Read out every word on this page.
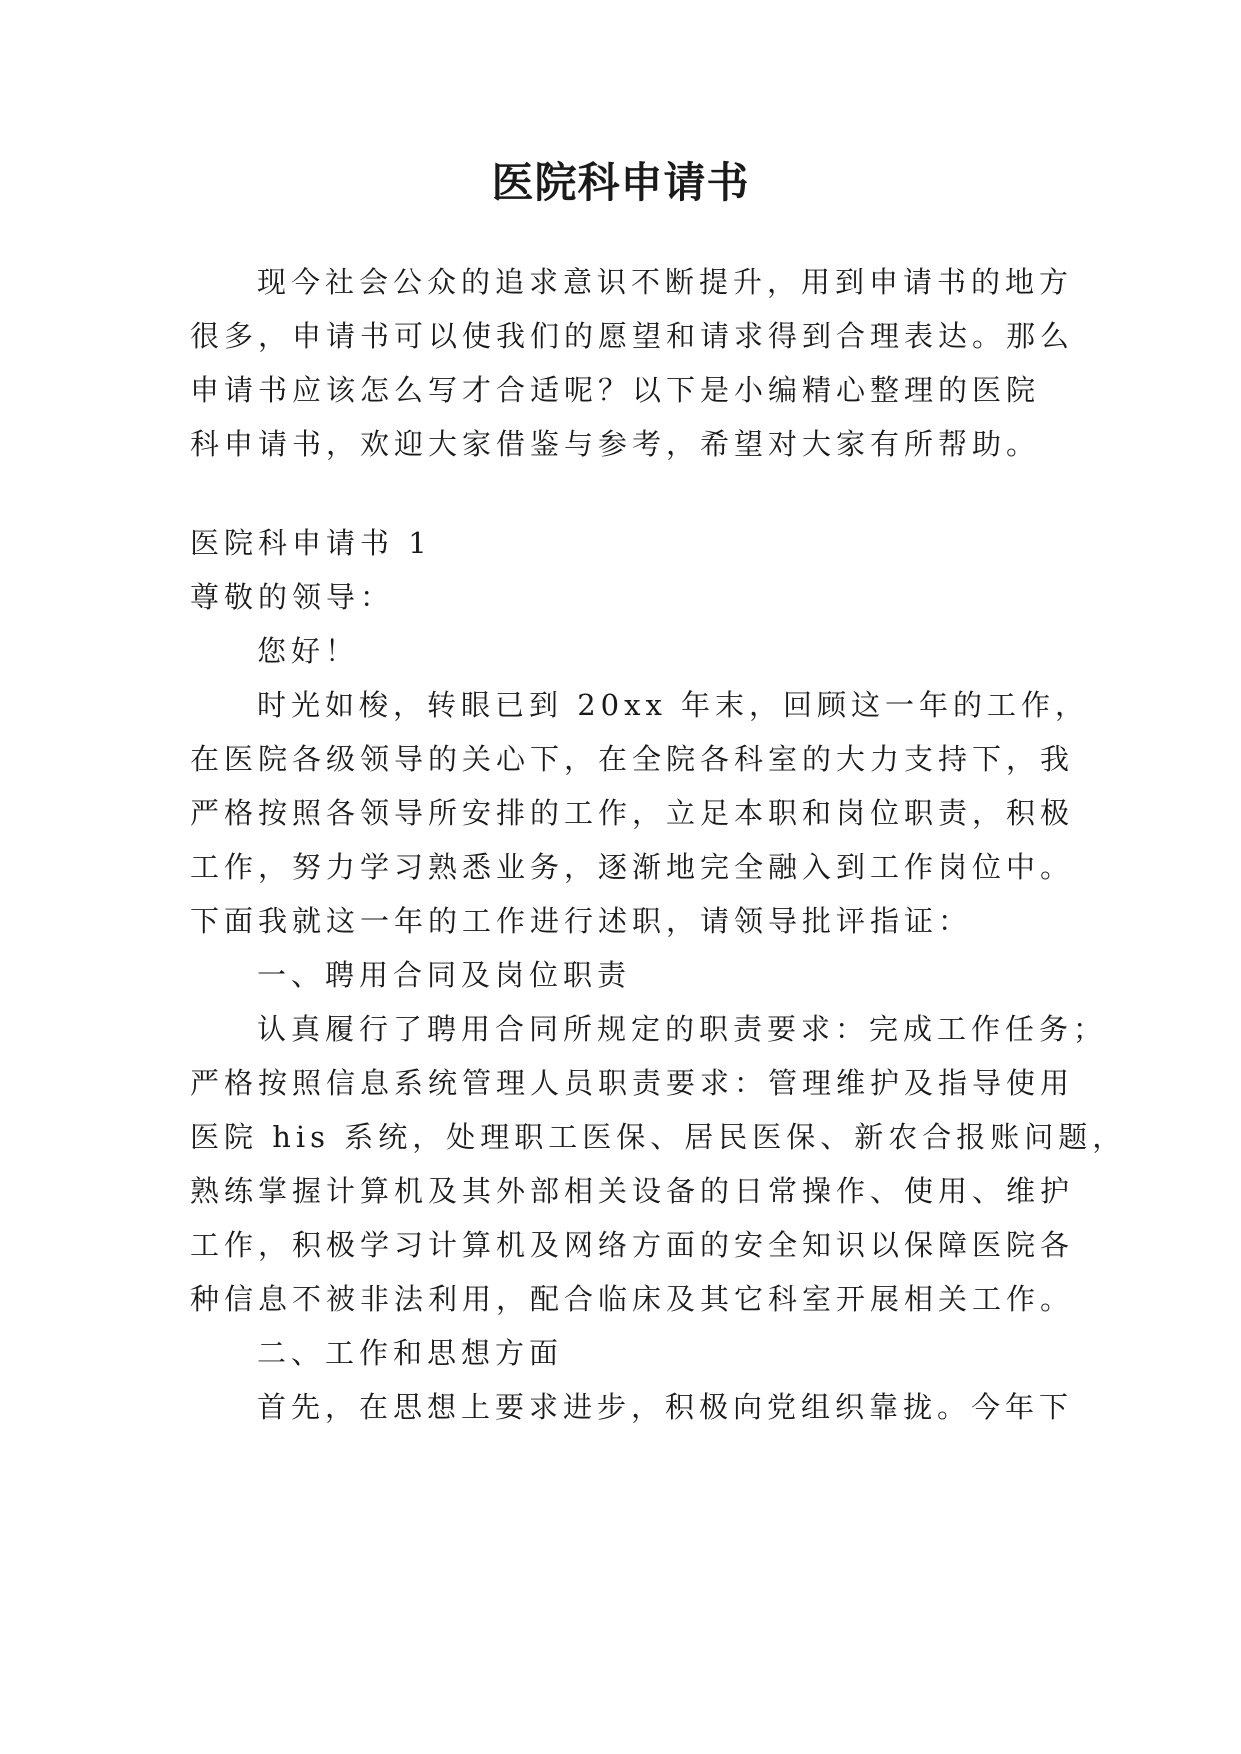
医院科申请书
现今社会公众的追求意识不断提升，用到申请书的地方
很多，申请书可以使我们的愿望和请求得到合理表达。那么
申请书应该怎么写才合适呢？以下是小编精心整理的医院
科申请书，欢迎大家借鉴与参考，希望对大家有所帮助。
医院科申请书 1
尊敬的领导：
您好！
时光如梭，转眼已到 20xx 年末，回顾这一年的工作，
在医院各级领导的关心下，在全院各科室的大力支持下，我
严格按照各领导所安排的工作，立足本职和岗位职责，积极
工作，努力学习熟悉业务，逐渐地完全融入到工作岗位中。
下面我就这一年的工作进行述职，请领导批评指证：
一、聘用合同及岗位职责
认真履行了聘用合同所规定的职责要求：完成工作任务；
严格按照信息系统管理人员职责要求：管理维护及指导使用
医院 his 系统，处理职工医保、居民医保、新农合报账问题，
熟练掌握计算机及其外部相关设备的日常操作、使用、维护
工作，积极学习计算机及网络方面的安全知识以保障医院各
种信息不被非法利用，配合临床及其它科室开展相关工作。
二、工作和思想方面
首先，在思想上要求进步，积极向党组织靠拢。今年下
